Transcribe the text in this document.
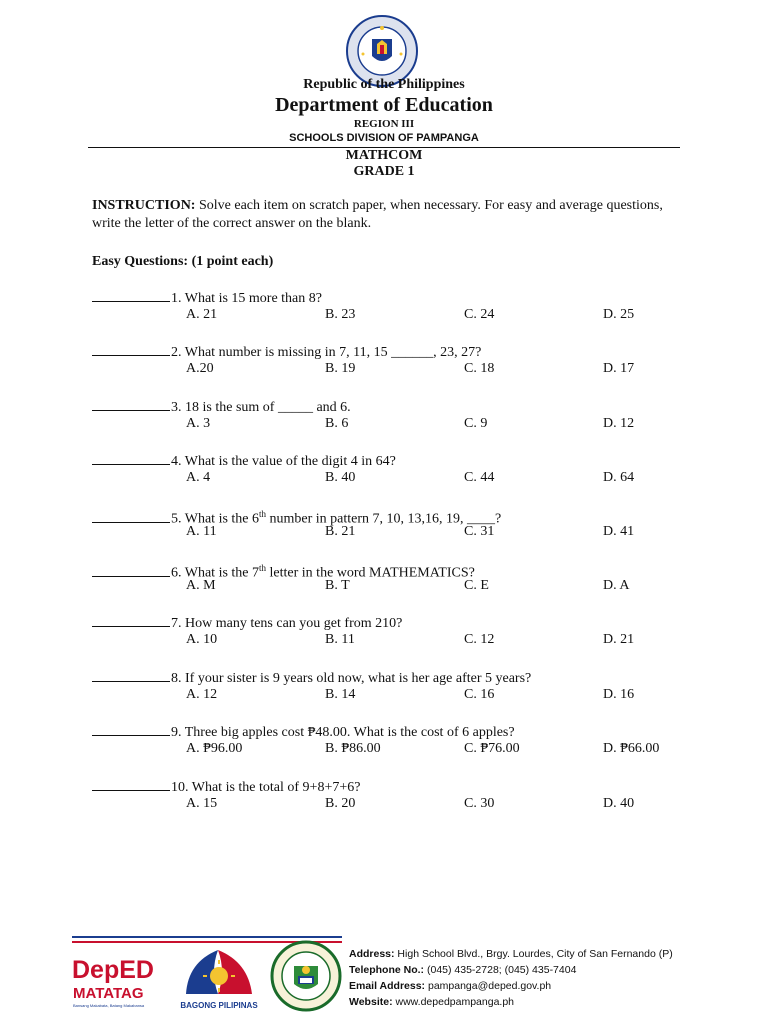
Republic of the Philippines
Department of Education
REGION III
SCHOOLS DIVISION OF PAMPANGA
MATHCOM
GRADE 1
INSTRUCTION: Solve each item on scratch paper, when necessary. For easy and average questions, write the letter of the correct answer on the blank.
Easy Questions: (1 point each)
1. What is 15 more than 8?
A. 21	B. 23	C. 24	D. 25
2. What number is missing in 7, 11, 15 ______, 23, 27?
A.20	B. 19	C. 18	D. 17
3. 18 is the sum of _____ and 6.
A. 3	B. 6	C. 9	D. 12
4. What is the value of the digit 4 in 64?
A. 4	B. 40	C. 44	D. 64
5. What is the 6th number in pattern 7, 10, 13,16, 19, ____?
A. 11	B. 21	C. 31	D. 41
6. What is the 7th letter in the word MATHEMATICS?
A. M	B. T	C. E	D. A
7. How many tens can you get from 210?
A. 10	B. 11	C. 12	D. 21
8. If your sister is 9 years old now, what is her age after 5 years?
A. 12	B. 14	C. 16	D. 16
9. Three big apples cost ₱48.00. What is the cost of 6 apples?
A. ₱96.00	B. ₱86.00	C. ₱76.00	D. ₱66.00
10. What is the total of 9+8+7+6?
A. 15	B. 20	C. 30	D. 40
DepED
MATATAG
Bansang Makabata, Batang Makabansa	BAGONG PILIPINAS
Address: High School Blvd., Brgy. Lourdes, City of San Fernando (P)
Telephone No.: (045) 435-2728; (045) 435-7404
Email Address: pampanga@deped.gov.ph
Website: www.depedpampanga.ph
